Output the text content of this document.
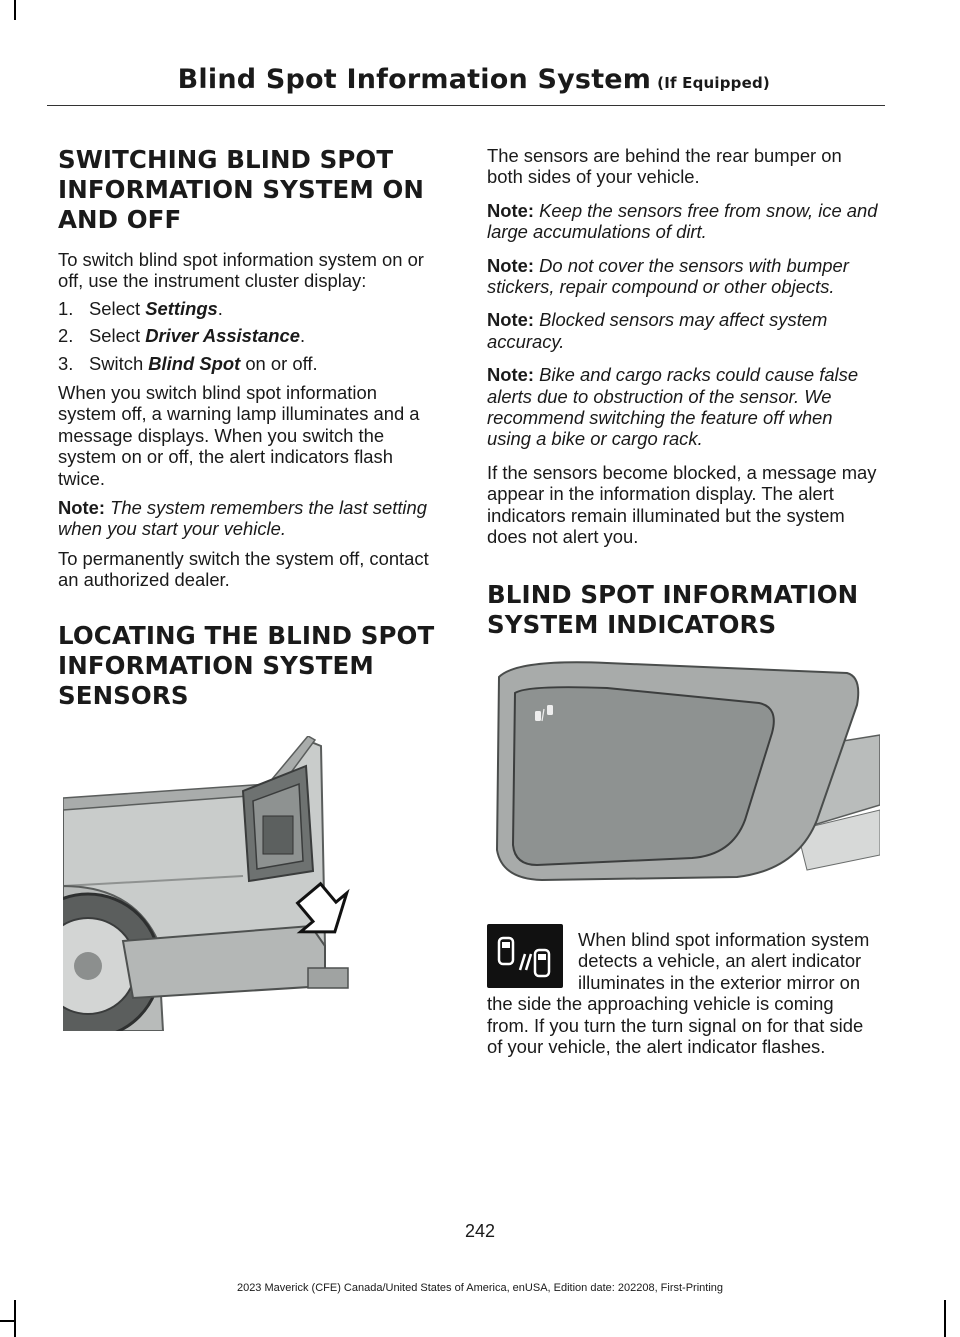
Blind Spot Information System (If Equipped)
SWITCHING BLIND SPOT
INFORMATION SYSTEM ON
AND OFF

To switch blind spot information system on or off, use the instrument cluster display:

1. Select Settings.
2. Select Driver Assistance.
3. Switch Blind Spot on or off.

When you switch blind spot information system off, a warning lamp illuminates and a message displays. When you switch the system on or off, the alert indicators flash twice.

Note: The system remembers the last setting when you start your vehicle.

To permanently switch the system off, contact an authorized dealer.

LOCATING THE BLIND SPOT
INFORMATION SYSTEM
SENSORS

The sensors are behind the rear bumper on both sides of your vehicle.

Note: Keep the sensors free from snow, ice and large accumulations of dirt.

Note: Do not cover the sensors with bumper stickers, repair compound or other objects.

Note: Blocked sensors may affect system accuracy.

Note: Bike and cargo racks could cause false alerts due to obstruction of the sensor. We recommend switching the feature off when using a bike or cargo rack.

If the sensors become blocked, a message may appear in the information display. The alert indicators remain illuminated but the system does not alert you.

BLIND SPOT INFORMATION
SYSTEM INDICATORS

When blind spot information system detects a vehicle, an alert indicator illuminates in the exterior mirror on the side the approaching vehicle is coming from. If you turn the turn signal on for that side of your vehicle, the alert indicator flashes.

242
2023 Maverick (CFE) Canada/United States of America, enUSA, Edition date: 202208, First-Printing
